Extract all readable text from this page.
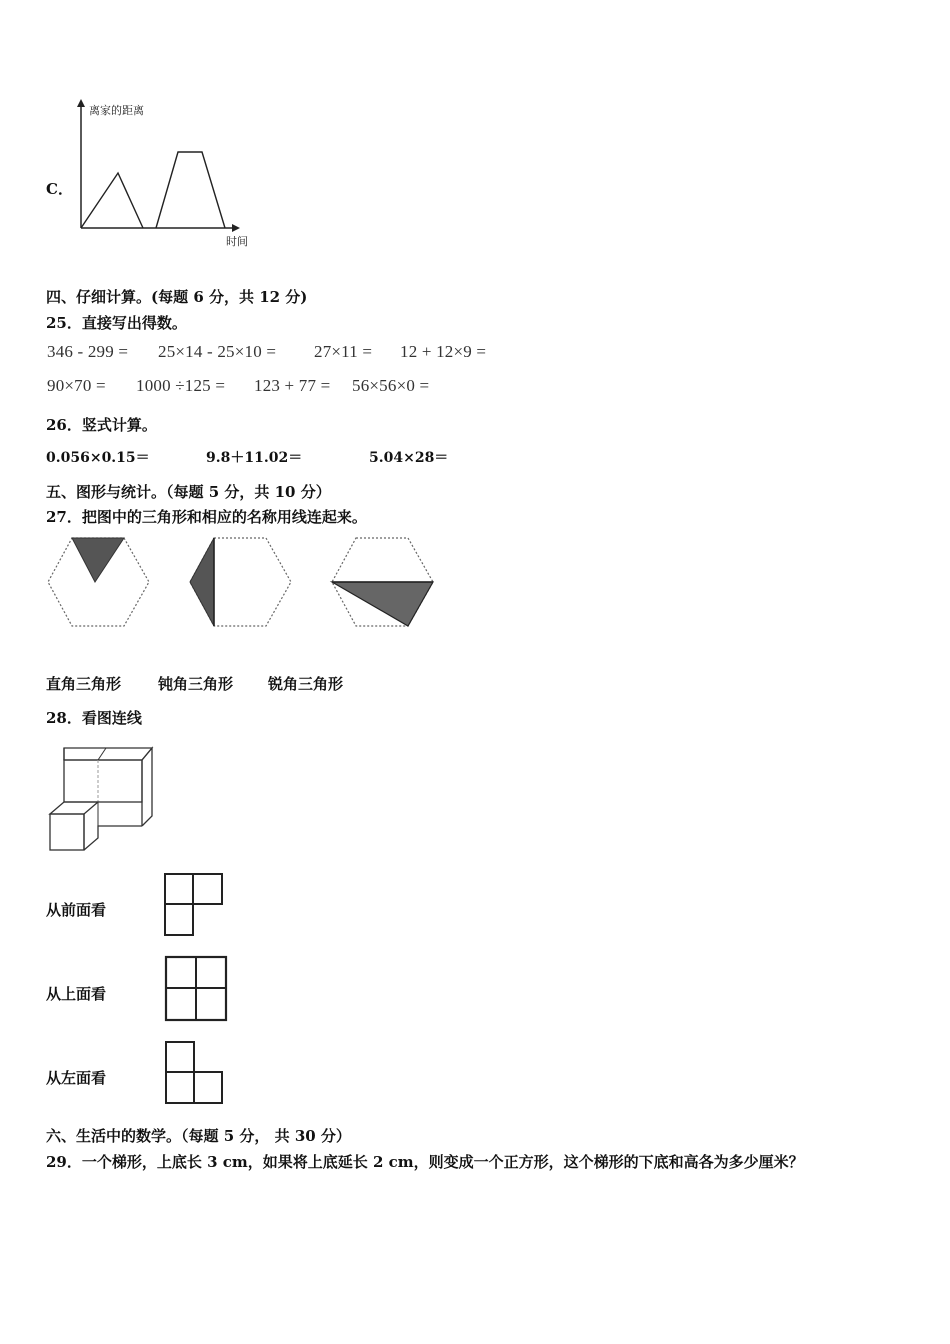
C．
离家的距离
时间
四、仔细计算。(每题 6 分，共 12 分)
25．直接写出得数。
346 - 299 = 25×14 - 25×10 = 27×11 = 12 + 12×9 =
90×70 = 1000 ÷125 = 123 + 77 = 56×56×0 =
26．竖式计算。
0.056×0.15＝	9.8＋11.02＝	5.04×28＝
五、图形与统计。（每题 5 分，共 10 分）
27．把图中的三角形和相应的名称用线连起来。
直角三角形 钝角三角形 锐角三角形
28．看图连线
从前面看
从上面看
从左面看
六、生活中的数学。（每题 5 分， 共 30 分）
29．一个梯形，上底长 3 cm，如果将上底延长 2 cm，则变成一个正方形，这个梯形的下底和高各为多少厘米？
